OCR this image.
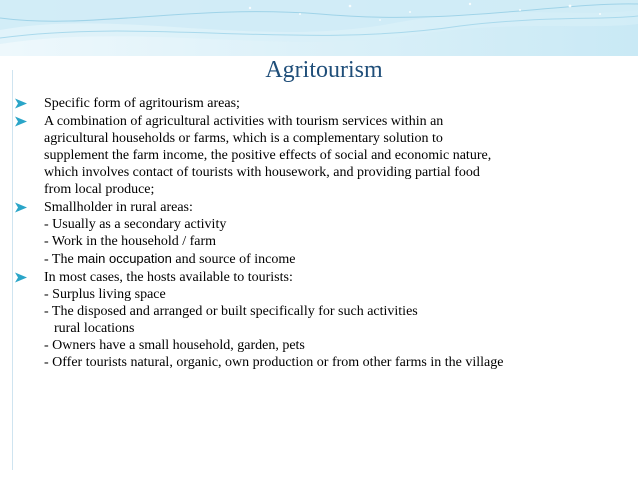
Agritourism
Specific form of agritourism areas;
A combination of agricultural activities with tourism services within an
agricultural households or farms, which is a complementary solution to
supplement the farm income, the positive effects of social and economic nature,
which involves contact of tourists with housework, and providing partial food
from local produce;
Smallholder in rural areas:
- Usually as a secondary activity
- Work in the household / farm
- The main occupation and source of income
In most cases, the hosts available to tourists:
- Surplus living space
- The disposed and arranged or built specifically for such activities
rural locations
- Owners have a small household, garden, pets
- Offer tourists natural, organic, own production or from other farms in the village
